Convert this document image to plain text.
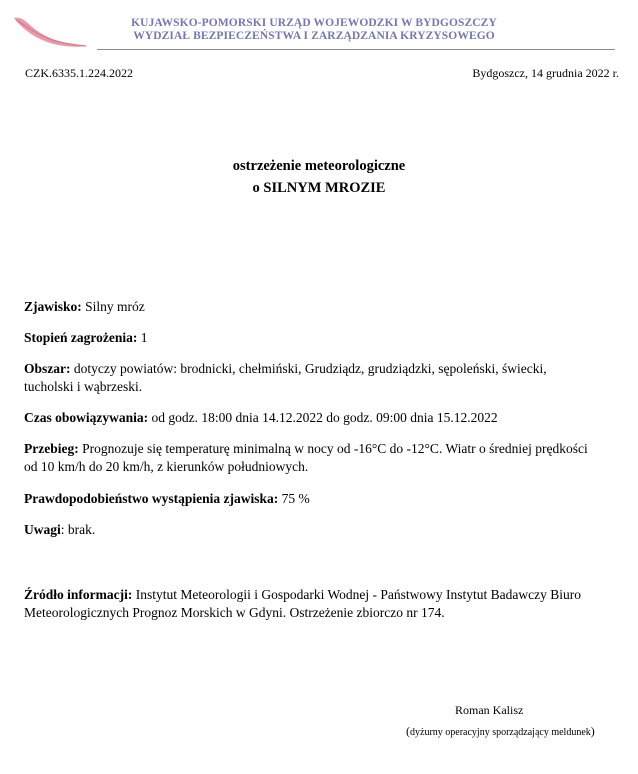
KUJAWSKO-POMORSKI URZĄD WOJEWODZKI W BYDGOSZCZY
WYDZIAŁ BEZPIECZEŃSTWA I ZARZĄDZANIA KRYZYSOWEGO
CZK.6335.1.224.2022	Bydgoszcz, 14 grudnia 2022 r.
ostrzeżenie meteorologiczne
o SILNYM MROZIE
Zjawisko: Silny mróz
Stopień zagrożenia: 1
Obszar: dotyczy powiatów: brodnicki, chełmiński, Grudziądz, grudziądzki, sępoleński, świecki, tucholski i wąbrzeski.
Czas obowiązywania: od godz. 18:00 dnia 14.12.2022 do godz. 09:00 dnia 15.12.2022
Przebieg: Prognozuje się temperaturę minimalną w nocy od -16°C do -12°C. Wiatr o średniej prędkości od 10 km/h do 20 km/h, z kierunków południowych.
Prawdopodobieństwo wystąpienia zjawiska: 75 %
Uwagi: brak.
Źródło informacji: Instytut Meteorologii i Gospodarki Wodnej - Państwowy Instytut Badawczy Biuro Meteorologicznych Prognoz Morskich w Gdyni. Ostrzeżenie zbiorczo nr 174.
Roman Kalisz
(dyżurny operacyjny sporządzający meldunek)
